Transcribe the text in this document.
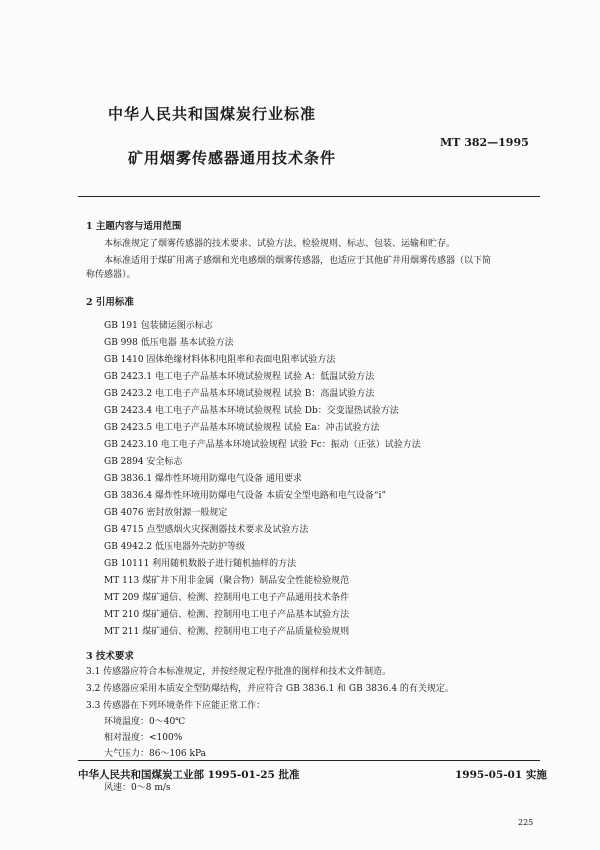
中华人民共和国煤炭行业标准
MT 382—1995
矿用烟雾传感器通用技术条件
1 主题内容与适用范围
本标准规定了烟雾传感器的技术要求、试验方法、检验规则、标志、包装、运输和贮存。
本标准适用于煤矿用离子感烟和光电感烟的烟雾传感器，也适应于其他矿井用烟雾传感器（以下简
称传感器）。
2 引用标准
GB 191 包装储运图示标志
GB 998 低压电器 基本试验方法
GB 1410 固体绝缘材料体积电阻率和表面电阻率试验方法
GB 2423.1 电工电子产品基本环境试验规程 试验 A：低温试验方法
GB 2423.2 电工电子产品基本环境试验规程 试验 B：高温试验方法
GB 2423.4 电工电子产品基本环境试验规程 试验 Db：交变湿热试验方法
GB 2423.5 电工电子产品基本环境试验规程 试验 Ea：冲击试验方法
GB 2423.10 电工电子产品基本环境试验规程 试验 Fc：振动（正弦）试验方法
GB 2894 安全标志
GB 3836.1 爆炸性环境用防爆电气设备 通用要求
GB 3836.4 爆炸性环境用防爆电气设备 本质安全型电路和电气设备“i”
GB 4076 密封放射源一般规定
GB 4715 点型感烟火灾探测器技术要求及试验方法
GB 4942.2 低压电器外壳防护等级
GB 10111 利用随机数骰子进行随机抽样的方法
MT 113 煤矿井下用非金属（聚合物）制品安全性能检验规范
MT 209 煤矿通信、检测、控制用电工电子产品通用技术条件
MT 210 煤矿通信、检测、控制用电工电子产品基本试验方法
MT 211 煤矿通信、检测、控制用电工电子产品质量检验规则
3 技术要求
3.1 传感器应符合本标准规定，并按经规定程序批准的图样和技术文件制造。
3.2 传感器应采用本质安全型防爆结构，并应符合 GB 3836.1 和 GB 3836.4 的有关规定。
3.3 传感器在下列环境条件下应能正常工作：
环境温度：0～40℃
相对湿度：<100%
大气压力：86～106 kPa
中华人民共和国煤炭工业部 1995-01-25 批准	1995-05-01 实施
风速：0～8 m/s
225
